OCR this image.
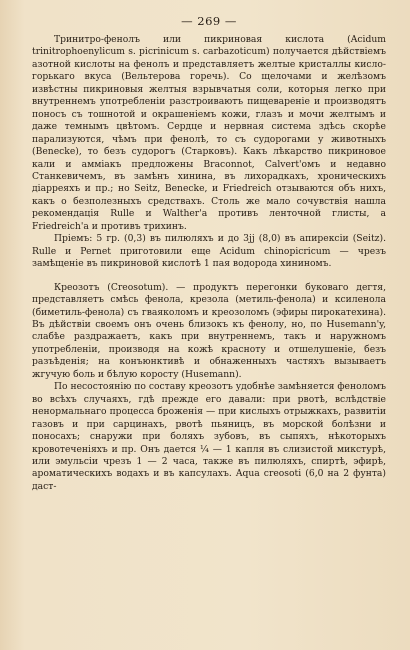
— 269 —

Тринитро-фенолъ или пикриновая кислота (Acidum trinitrophoenylicum s. picrinicum s. carbazoticum) получается дѣйствіемъ азотной кислоты на фенолъ и представляетъ желтые кристаллы кисло-горькаго вкуса (Вельтерова горечь). Со щелочами и желѣзомъ извѣстны пикриновыя желтыя взрывчатыя соли, которыя легко при внутреннемъ употребленіи разстроиваютъ пищевареніе и производятъ поносъ съ тошнотой и окрашеніемъ кожи, глазъ и мочи желтымъ и даже темнымъ цвѣтомъ. Сердце и нервная система здѣсь скорѣе парализуются, чѣмъ при фенолѣ, то съ судорогами у животныхъ (Benecke), то безъ судорогъ (Старковъ). Какъ лѣкарство пикриновое кали и аммiакъ предложены Braconnot, Calvert'омъ и недавно Станкевичемъ, въ замѣнъ хинина, въ лихорадкахъ, хроническихъ діарреяхъ и пр.; но Seitz, Benecke, и Friedreich отзываются объ нихъ, какъ о безполезныхъ средствахъ. Столь же мало сочувствія нашла рекомендація Rulle и Walther'a противъ ленточной глисты, a Friedreich'a и противъ трихинъ.

Пріемъ: 5 гр. (0,3) въ пилюляхъ и до 3jj (8,0) въ апирексіи (Seitz). Rulle и Pernet приготовили еще Acidum chinopicricum — чрезъ замѣщеніе въ пикриновой кислотѣ 1 пая водорода хининомъ.

Креозотъ (Creosotum). — продуктъ перегонки буковаго дегтя, представляетъ смѣсь фенола, крезола (метиль-фенола) и ксиленола (биметиль-фенола) съ гваяколомъ и креозоломъ (эфиры пирокатехина). Въ дѣйствіи своемъ онъ очень близокъ къ фенолу, но, по Husemann'y, слабѣе раздражаетъ, какъ при внутреннемъ, такъ и наружномъ употребленіи, производя на кожѣ краснoту и отшелушеніе, безъ разъѣденія; на конъюнктивѣ и обнаженныхъ частяхъ вызываетъ жгучую боль и бѣлую корoсту (Husemann).

По несостоянію по составу креозотъ удобнѣе замѣняется фенолoмъ во всѣхъ случаяхъ, гдѣ прежде его давали: при рвотѣ, вслѣдствіе ненормальнаго процесса броженія — при кислыхъ отрыжкахъ, развитіи газовъ и при сарцинахъ, рвотѣ пьяницъ, въ морской болѣзни и поносахъ; снаружи при боляхъ зубовъ, въ сыпяхъ, нѣкоторыхъ кровотеченіяхъ и пр. Онъ дается ¼ — 1 капля въ слизистой микстурѣ, или эмульсіи чрезъ 1 — 2 часа, также въ пилюляхъ, спиртѣ, эфирѣ, ароматическихъ водахъ и въ капсулахъ. Aqua creosoti (6,0 на 2 фунта) даст-
